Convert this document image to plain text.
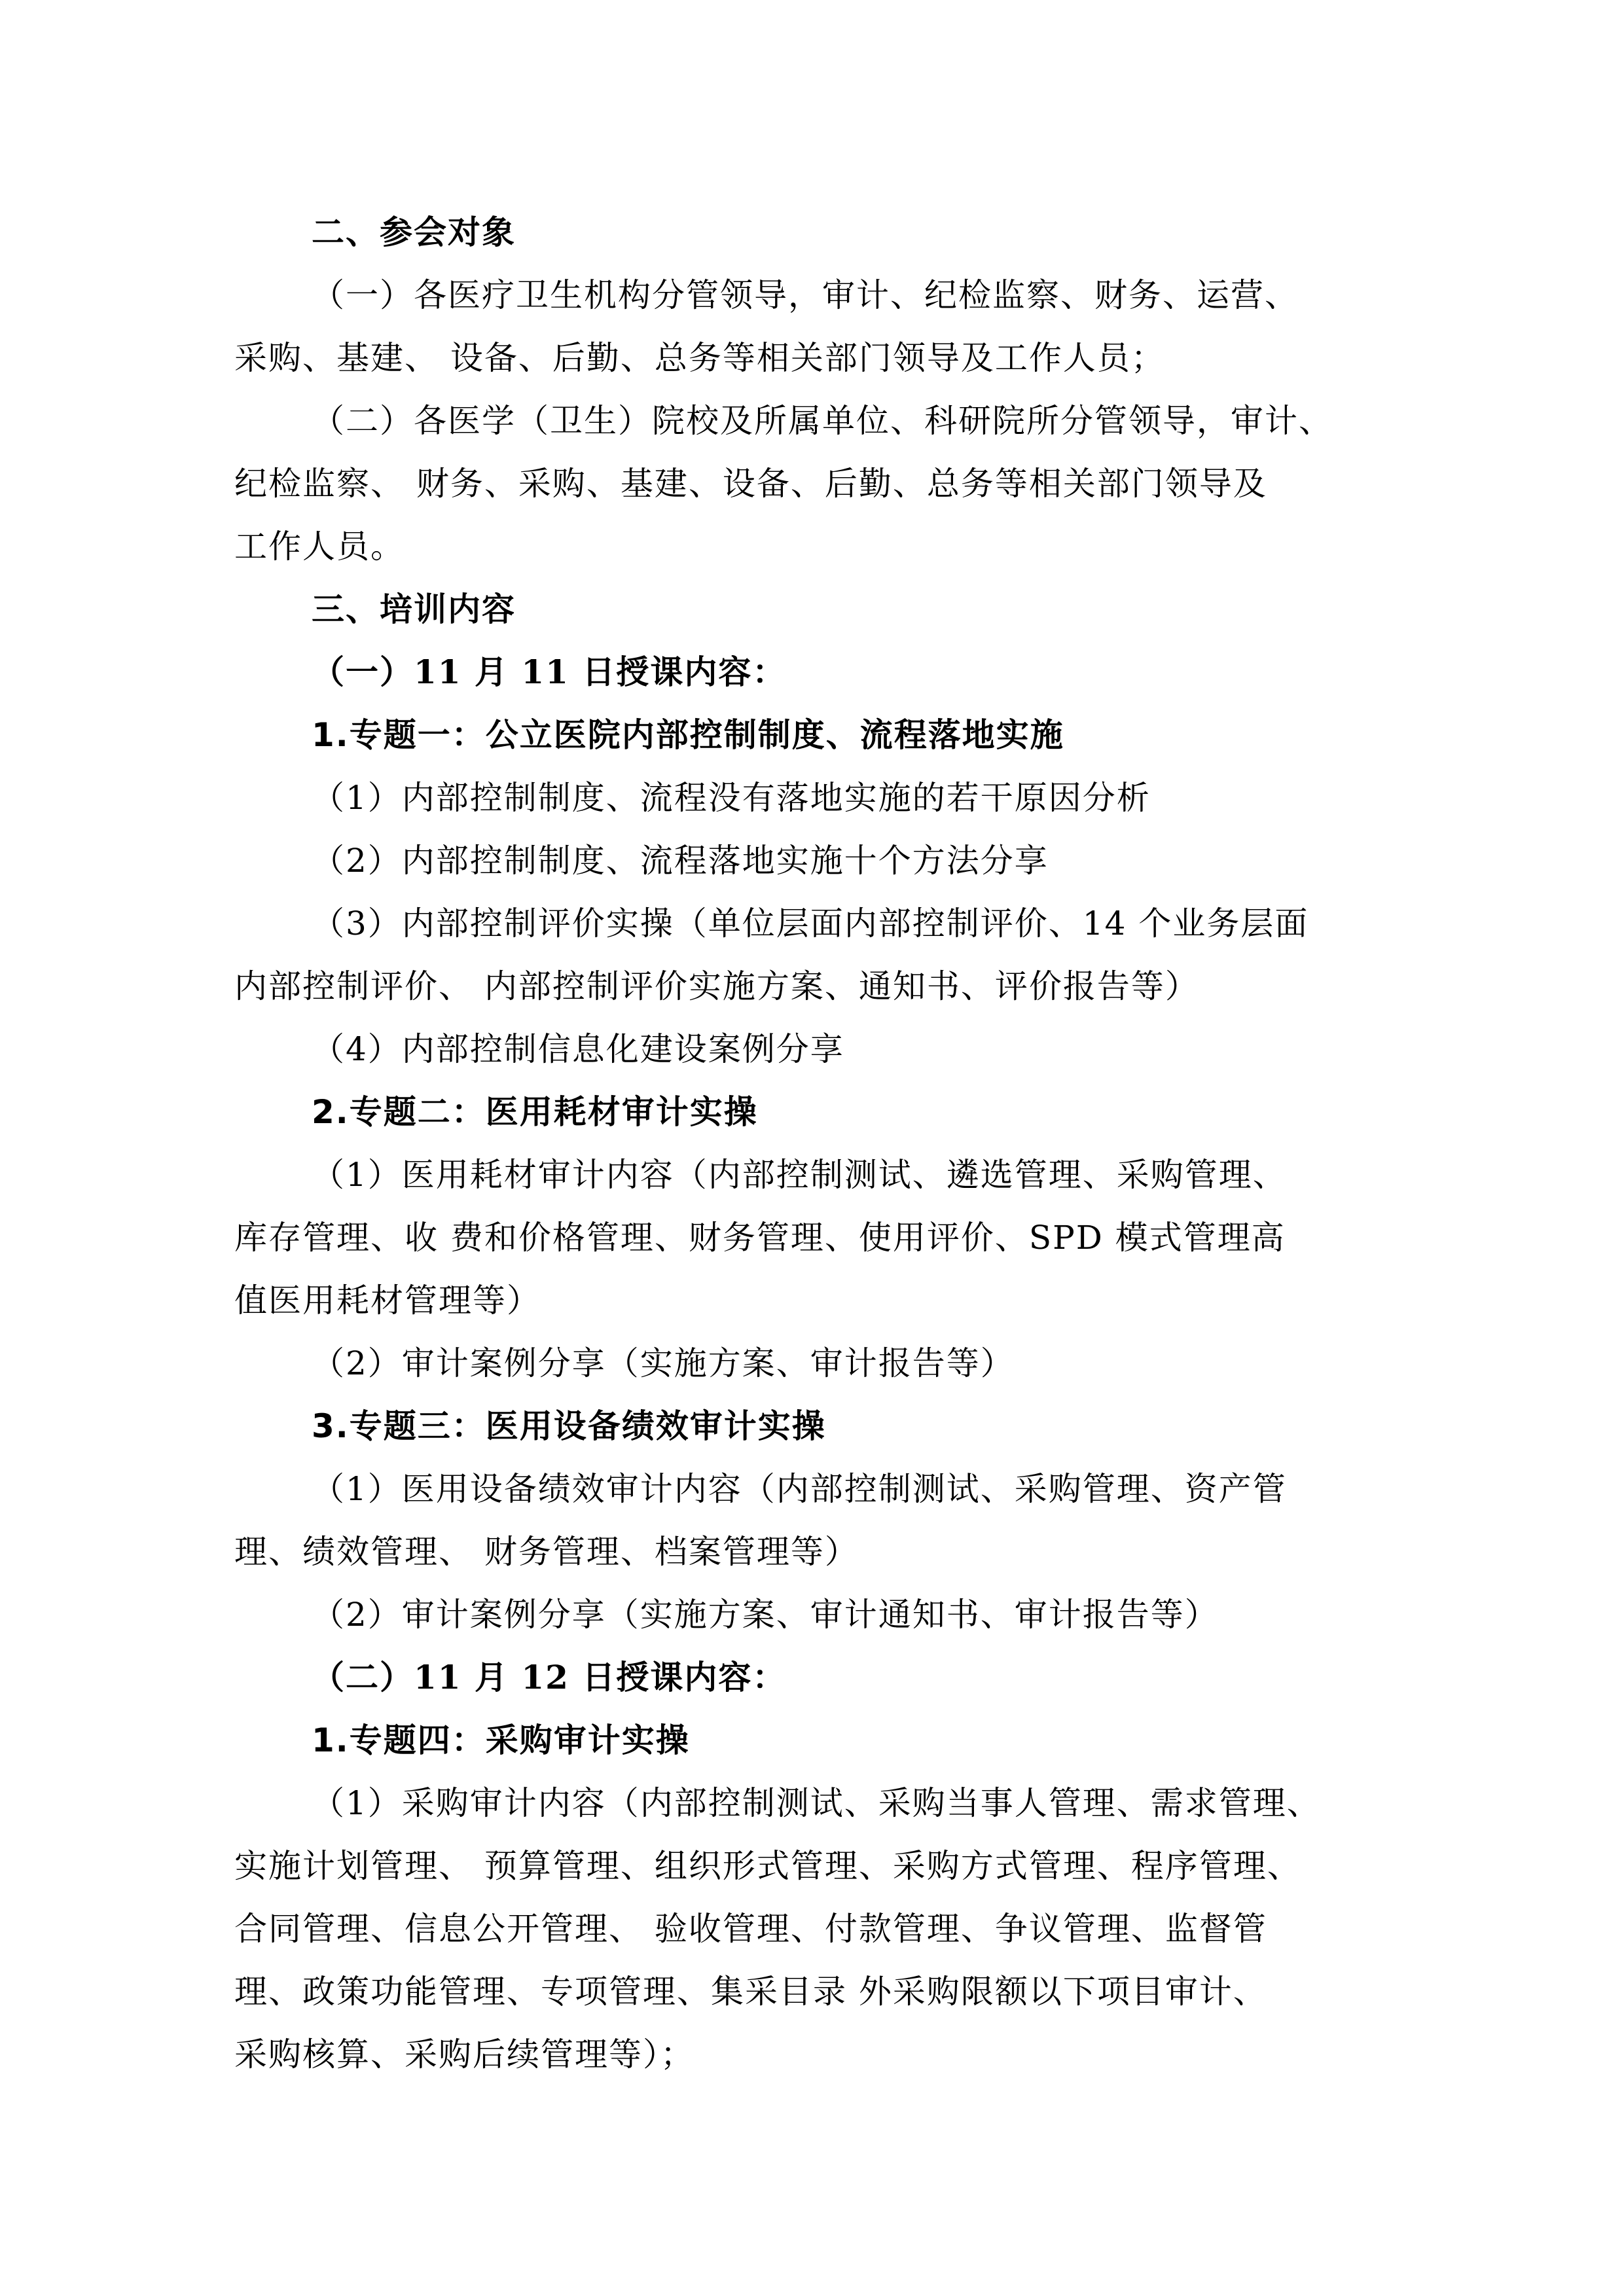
二、参会对象
（一）各医疗卫生机构分管领导，审计、纪检监察、财务、运营、
采购、基建、 设备、后勤、总务等相关部门领导及工作人员；
（二）各医学（卫生）院校及所属单位、科研院所分管领导，审计、
纪检监察、 财务、采购、基建、设备、后勤、总务等相关部门领导及
工作人员。
三、培训内容
（一）11 月 11 日授课内容：
1.专题一：公立医院内部控制制度、流程落地实施
（1）内部控制制度、流程没有落地实施的若干原因分析
（2）内部控制制度、流程落地实施十个方法分享
（3）内部控制评价实操（单位层面内部控制评价、14 个业务层面
内部控制评价、 内部控制评价实施方案、通知书、评价报告等）
（4）内部控制信息化建设案例分享
2.专题二：医用耗材审计实操
（1）医用耗材审计内容（内部控制测试、遴选管理、采购管理、
库存管理、收 费和价格管理、财务管理、使用评价、SPD 模式管理高
值医用耗材管理等）
（2）审计案例分享（实施方案、审计报告等）
3.专题三：医用设备绩效审计实操
（1）医用设备绩效审计内容（内部控制测试、采购管理、资产管
理、绩效管理、 财务管理、档案管理等）
（2）审计案例分享（实施方案、审计通知书、审计报告等）
（二）11 月 12 日授课内容：
1.专题四：采购审计实操
（1）采购审计内容（内部控制测试、采购当事人管理、需求管理、
实施计划管理、 预算管理、组织形式管理、采购方式管理、程序管理、
合同管理、信息公开管理、 验收管理、付款管理、争议管理、监督管
理、政策功能管理、专项管理、集采目录 外采购限额以下项目审计、
采购核算、采购后续管理等）；
